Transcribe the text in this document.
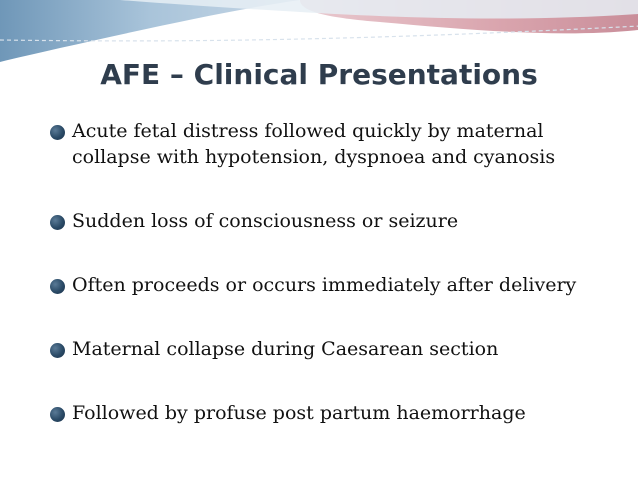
AFE – Clinical Presentations
Acute fetal distress followed quickly by maternal collapse with hypotension, dyspnoea and cyanosis
Sudden loss of consciousness or seizure
Often proceeds or occurs immediately after delivery
Maternal collapse during Caesarean section
Followed by profuse post partum haemorrhage
